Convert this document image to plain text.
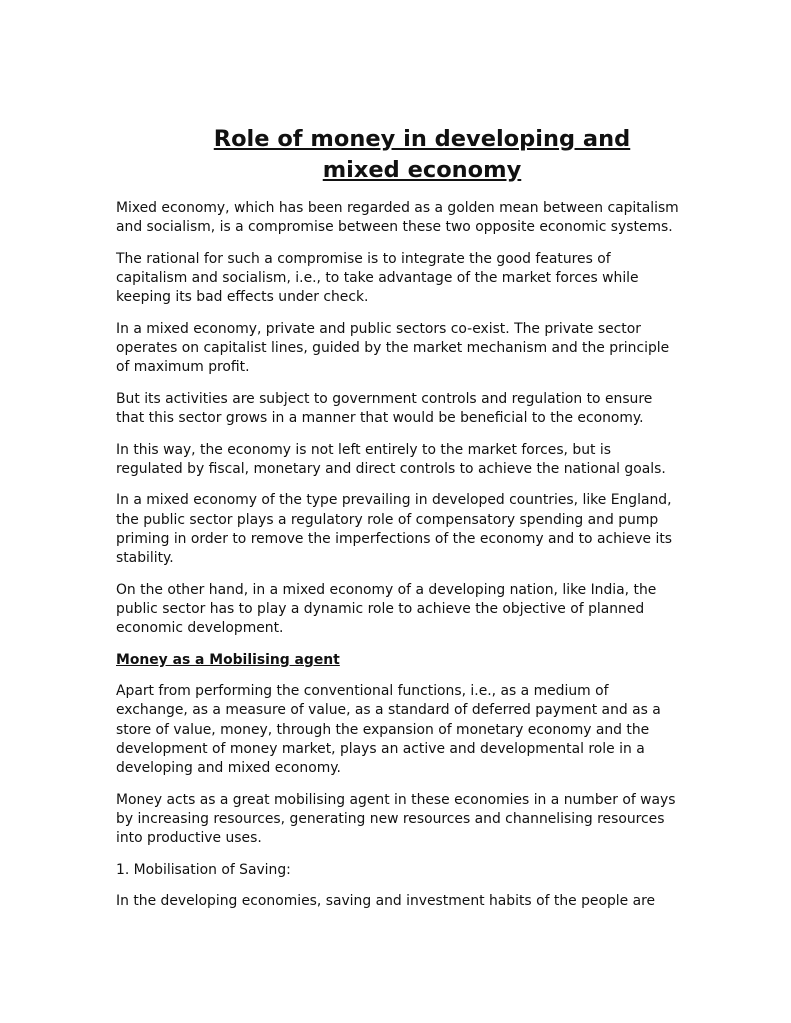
Role of money in developing and
mixed economy

Mixed economy, which has been regarded as a golden mean between capitalism and socialism, is a compromise between these two opposite economic systems.

The rational for such a compromise is to integrate the good features of capitalism and socialism, i.e., to take advantage of the market forces while keeping its bad effects under check.

In a mixed economy, private and public sectors co-exist. The private sector operates on capitalist lines, guided by the market mechanism and the principle of maximum profit.

But its activities are subject to government controls and regulation to ensure that this sector grows in a manner that would be beneficial to the economy.

In this way, the economy is not left entirely to the market forces, but is regulated by fiscal, monetary and direct controls to achieve the national goals.

In a mixed economy of the type prevailing in developed countries, like England, the public sector plays a regulatory role of compensatory spending and pump priming in order to remove the imperfections of the economy and to achieve its stability.

On the other hand, in a mixed economy of a developing nation, like India, the public sector has to play a dynamic role to achieve the objective of planned economic development.

Money as a Mobilising agent

Apart from performing the conventional functions, i.e., as a medium of exchange, as a measure of value, as a standard of deferred payment and as a store of value, money, through the expansion of monetary economy and the development of money market, plays an active and developmental role in a developing and mixed economy.

Money acts as a great mobilising agent in these economies in a number of ways by increasing resources, generating new resources and channelising resources into productive uses.

1. Mobilisation of Saving:

In the developing economies, saving and investment habits of the people are
